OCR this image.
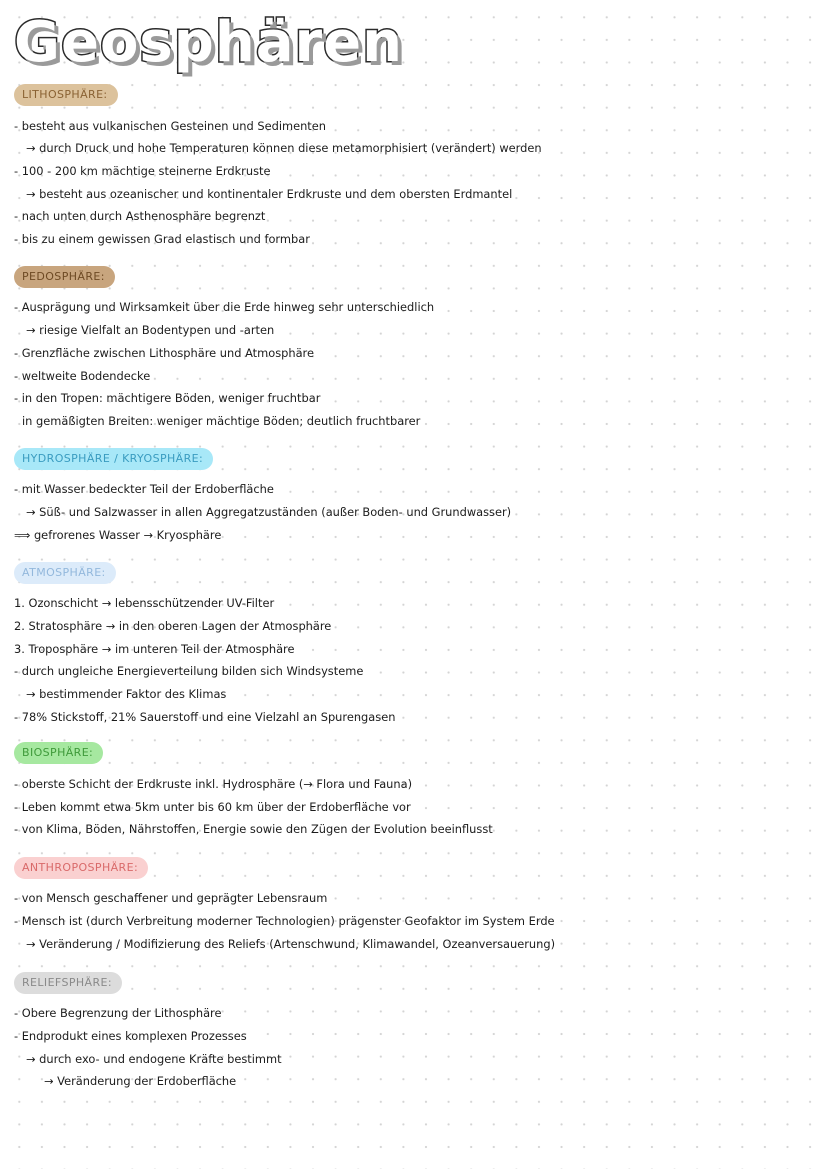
Geosphären
LITHOSPHÄRE:
- besteht aus vulkanischen Gesteinen und Sedimenten
→ durch Druck und hohe Temperaturen können diese metamorphisiert (verändert) werden
- 100 - 200 km mächtige steinerne Erdkruste
→ besteht aus ozeanischer und kontinentaler Erdkruste und dem obersten Erdmantel
- nach unten durch Asthenosphäre begrenzt
- bis zu einem gewissen Grad elastisch und formbar
PEDOSPHÄRE:
- Ausprägung und Wirksamkeit über die Erde hinweg sehr unterschiedlich
→ riesige Vielfalt an Bodentypen und -arten
- Grenzfläche zwischen Lithosphäre und Atmosphäre
- weltweite Bodendecke
- in den Tropen: mächtigere Böden, weniger fruchtbar
in gemäßigten Breiten: weniger mächtige Böden; deutlich fruchtbarer
HYDROSPHÄRE / KRYOSPHÄRE:
- mit Wasser bedeckter Teil der Erdoberfläche
→ Süß- und Salzwasser in allen Aggregatzuständen (außer Boden- und Grundwasser)
⟹ gefrorenes Wasser → Kryosphäre
ATMOSPHÄRE:
1. Ozonschicht → lebensschützender UV-Filter
2. Stratosphäre → in den oberen Lagen der Atmosphäre
3. Troposphäre → im unteren Teil der Atmosphäre
- durch ungleiche Energieverteilung bilden sich Windsysteme
→ bestimmender Faktor des Klimas
- 78% Stickstoff, 21% Sauerstoff und eine Vielzahl an Spurengasen
BIOSPHÄRE:
- oberste Schicht der Erdkruste inkl. Hydrosphäre (→ Flora und Fauna)
- Leben kommt etwa 5km unter bis 60 km über der Erdoberfläche vor
- von Klima, Böden, Nährstoffen, Energie sowie den Zügen der Evolution beeinflusst
ANTHROPOSPHÄRE:
- von Mensch geschaffener und geprägter Lebensraum
- Mensch ist (durch Verbreitung moderner Technologien) prägenster Geofaktor im System Erde
→ Veränderung / Modifizierung des Reliefs (Artenschwund, Klimawandel, Ozeanversauerung)
RELIEFSPHÄRE:
- Obere Begrenzung der Lithosphäre
- Endprodukt eines komplexen Prozesses
→ durch exo- und endogene Kräfte bestimmt
→ Veränderung der Erdoberfläche
